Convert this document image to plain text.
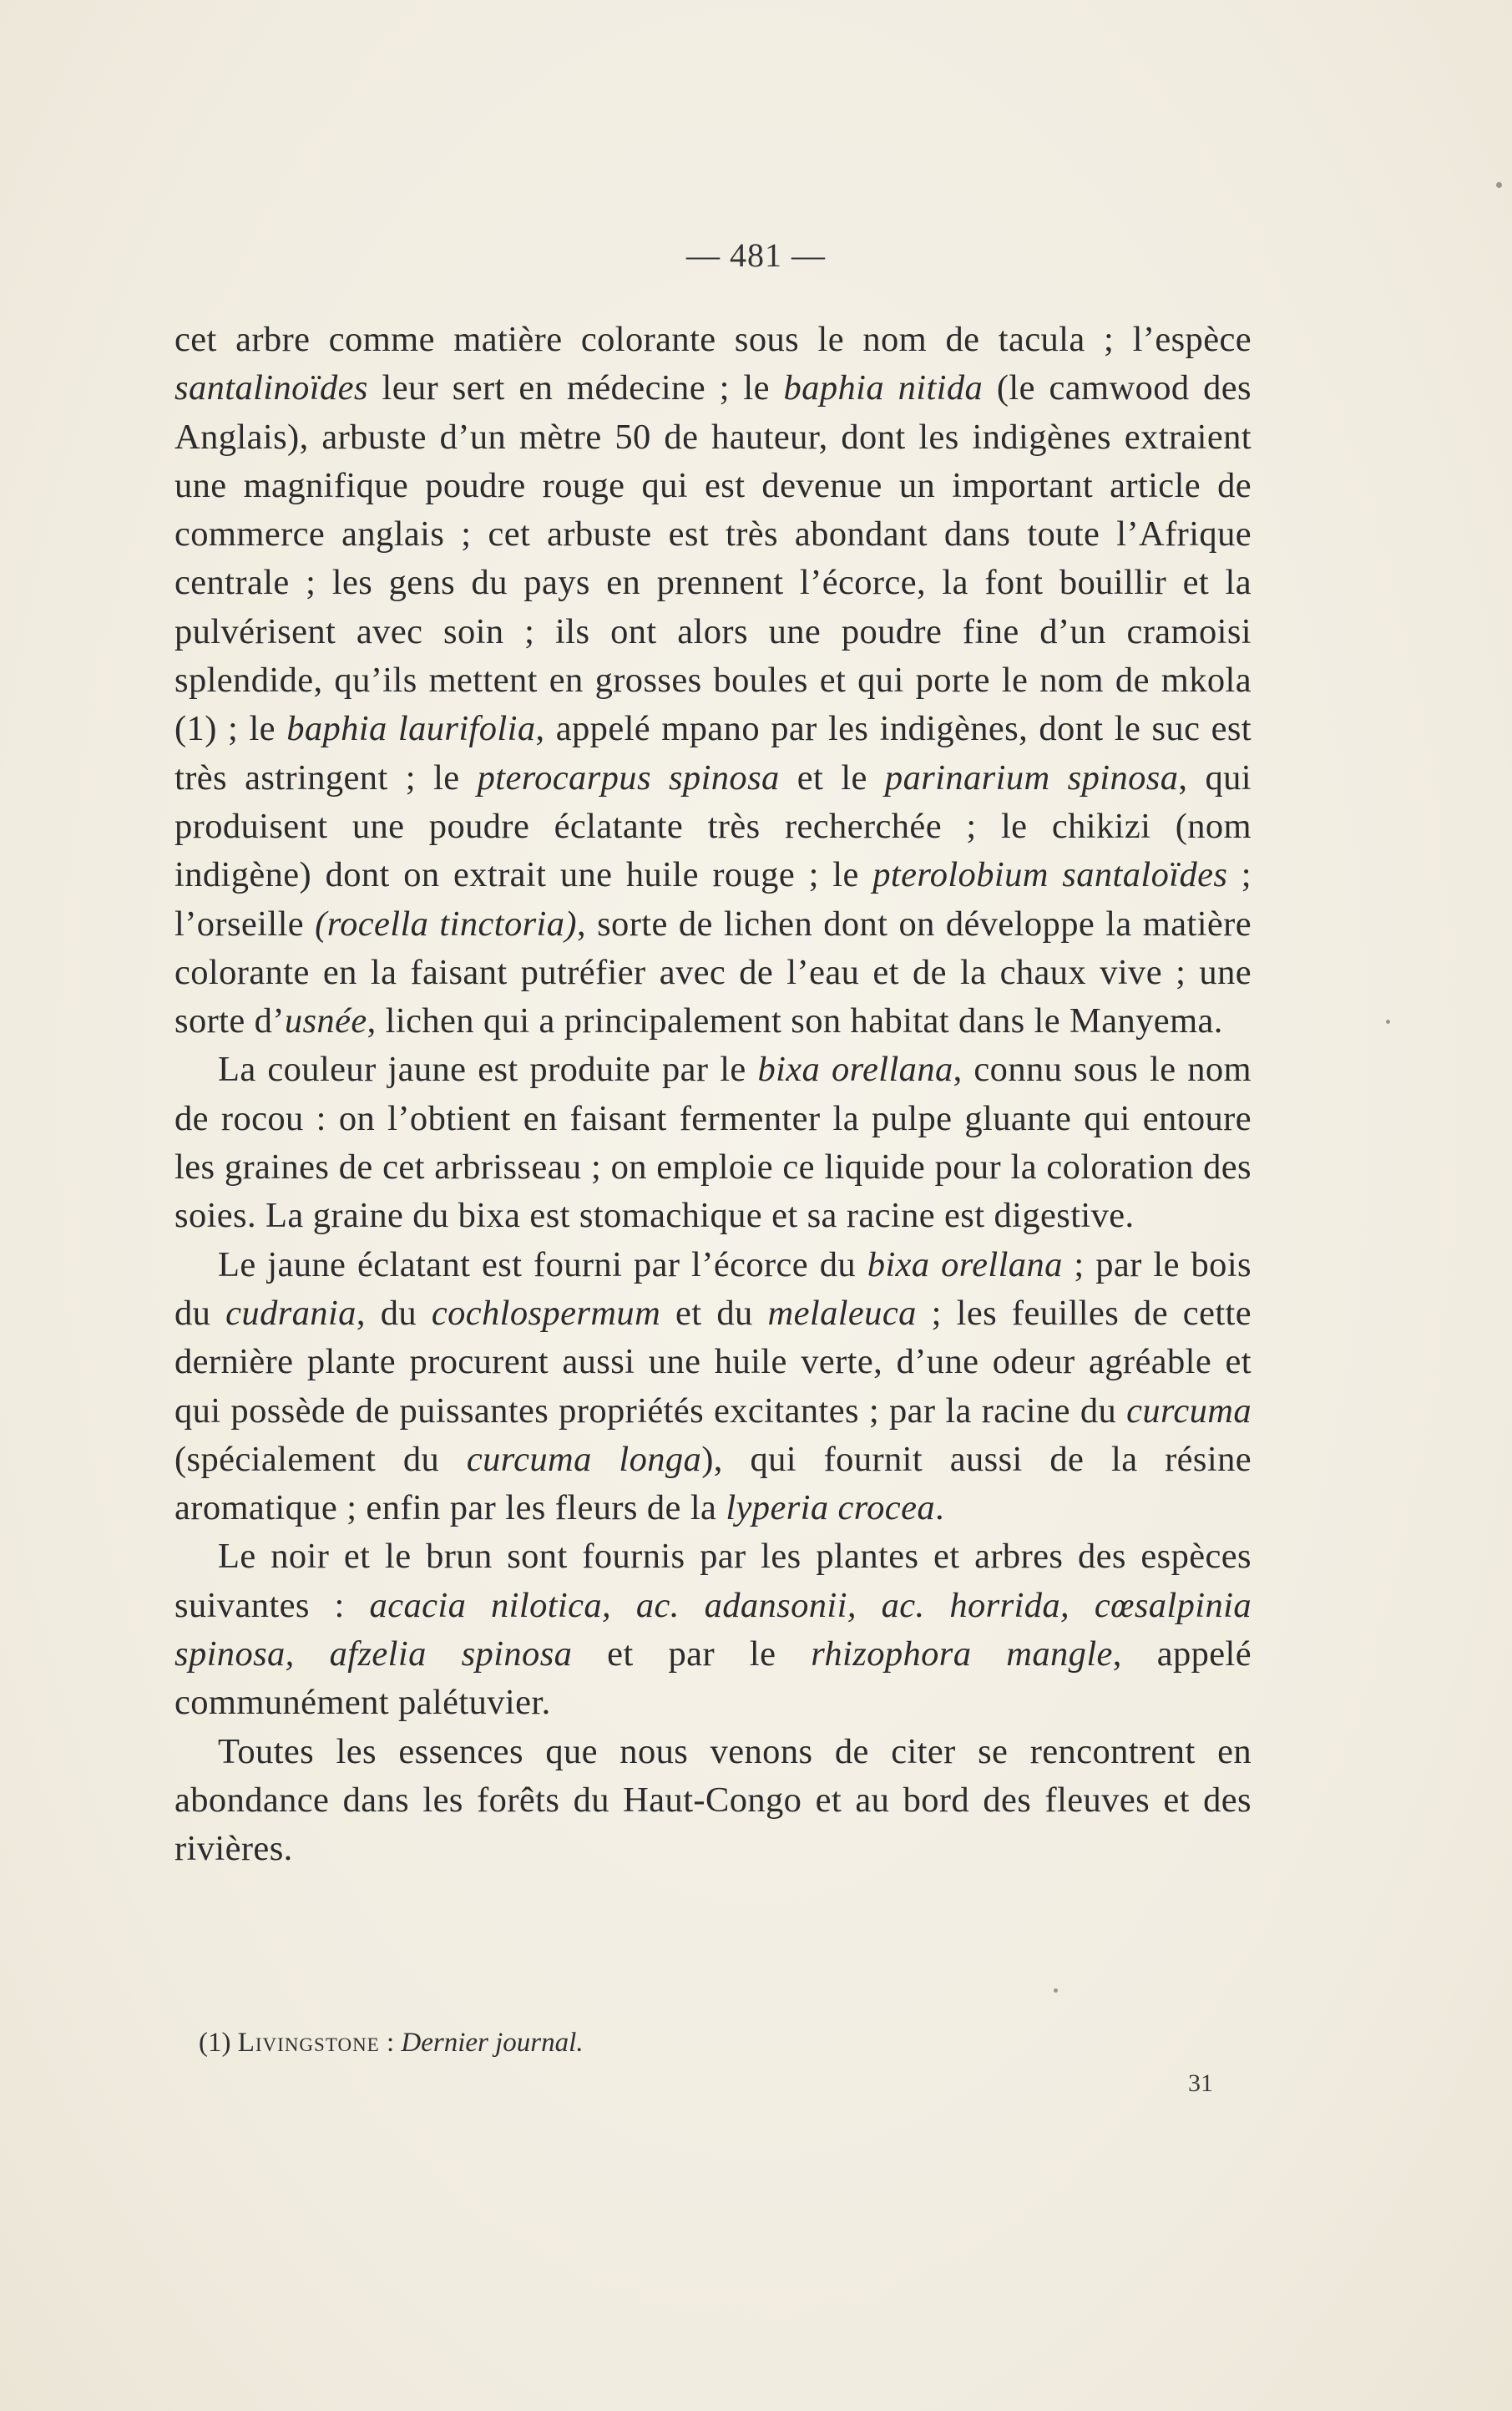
— 481 —

cet arbre comme matière colorante sous le nom de tacula ; l’espèce santalinoïdes leur sert en médecine ; le baphia nitida (le camwood des Anglais), arbuste d’un mètre 50 de hauteur, dont les indigènes extraient une magnifique poudre rouge qui est devenue un important article de commerce anglais ; cet arbuste est très abondant dans toute l’Afrique centrale ; les gens du pays en prennent l’écorce, la font bouillir et la pulvérisent avec soin ; ils ont alors une poudre fine d’un cramoisi splendide, qu’ils mettent en grosses boules et qui porte le nom de mkola (1) ; le baphia laurifolia, appelé mpano par les indigènes, dont le suc est très astringent ; le pterocarpus spinosa et le parinarium spinosa, qui produisent une poudre éclatante très recherchée ; le chikizi (nom indigène) dont on extrait une huile rouge ; le pterolobium santaloïdes ; l’orseille (rocella tinctoria), sorte de lichen dont on développe la matière colorante en la faisant putréfier avec de l’eau et de la chaux vive ; une sorte d’usnée, lichen qui a principalement son habitat dans le Manyema.

La couleur jaune est produite par le bixa orellana, connu sous le nom de rocou : on l’obtient en faisant fermenter la pulpe gluante qui entoure les graines de cet arbrisseau ; on emploie ce liquide pour la coloration des soies. La graine du bixa est stomachique et sa racine est digestive.

Le jaune éclatant est fourni par l’écorce du bixa orellana ; par le bois du cudrania, du cochlospermum et du melaleuca ; les feuilles de cette dernière plante procurent aussi une huile verte, d’une odeur agréable et qui possède de puissantes propriétés excitantes ; par la racine du curcuma (spécialement du curcuma longa), qui fournit aussi de la résine aromatique ; enfin par les fleurs de la lyperia crocea.

Le noir et le brun sont fournis par les plantes et arbres des espèces suivantes : acacia nilotica, ac. adansonii, ac. horrida, cœsalpinia spinosa, afzelia spinosa et par le rhizophora mangle, appelé communément palétuvier.

Toutes les essences que nous venons de citer se rencontrent en abondance dans les forêts du Haut-Congo et au bord des fleuves et des rivières.

(1) Livingstone : Dernier journal.
31
